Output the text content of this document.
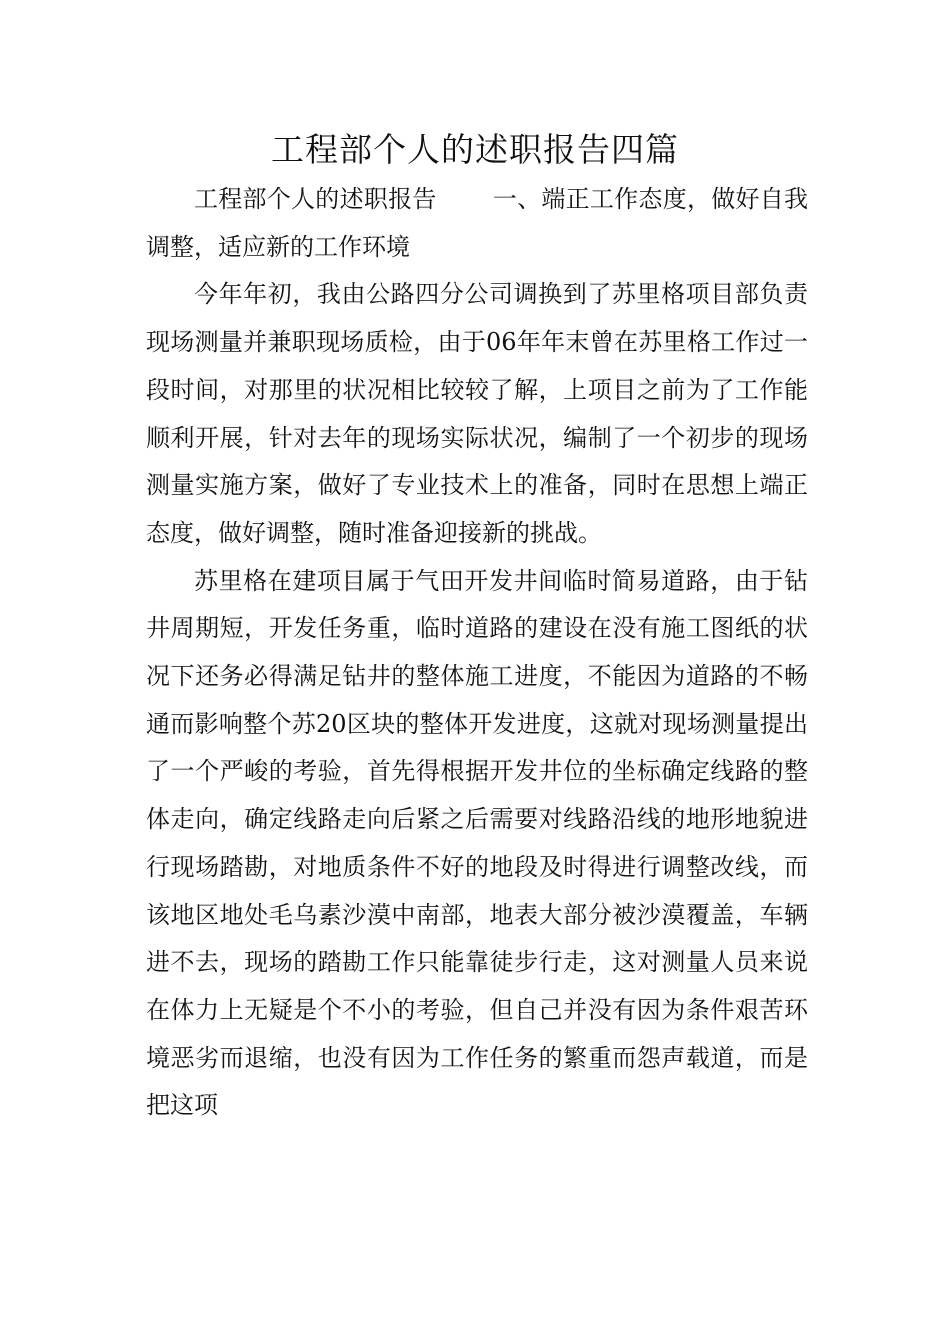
工程部个人的述职报告四篇

工程部个人的述职报告 一、端正工作态度，做好自我调整，适应新的工作环境

今年年初，我由公路四分公司调换到了苏里格项目部负责现场测量并兼职现场质检，由于06年年末曾在苏里格工作过一段时间，对那里的状况相比较较了解，上项目之前为了工作能顺利开展，针对去年的现场实际状况，编制了一个初步的现场测量实施方案，做好了专业技术上的准备，同时在思想上端正态度，做好调整，随时准备迎接新的挑战。

苏里格在建项目属于气田开发井间临时简易道路，由于钻井周期短，开发任务重，临时道路的建设在没有施工图纸的状况下还务必得满足钻井的整体施工进度，不能因为道路的不畅通而影响整个苏20区块的整体开发进度，这就对现场测量提出了一个严峻的考验，首先得根据开发井位的坐标确定线路的整体走向，确定线路走向后紧之后需要对线路沿线的地形地貌进行现场踏勘，对地质条件不好的地段及时得进行调整改线，而该地区地处毛乌素沙漠中南部，地表大部分被沙漠覆盖，车辆进不去，现场的踏勘工作只能靠徒步行走，这对测量人员来说在体力上无疑是个不小的考验，但自己并没有因为条件艰苦环境恶劣而退缩，也没有因为工作任务的繁重而怨声载道，而是把这项
